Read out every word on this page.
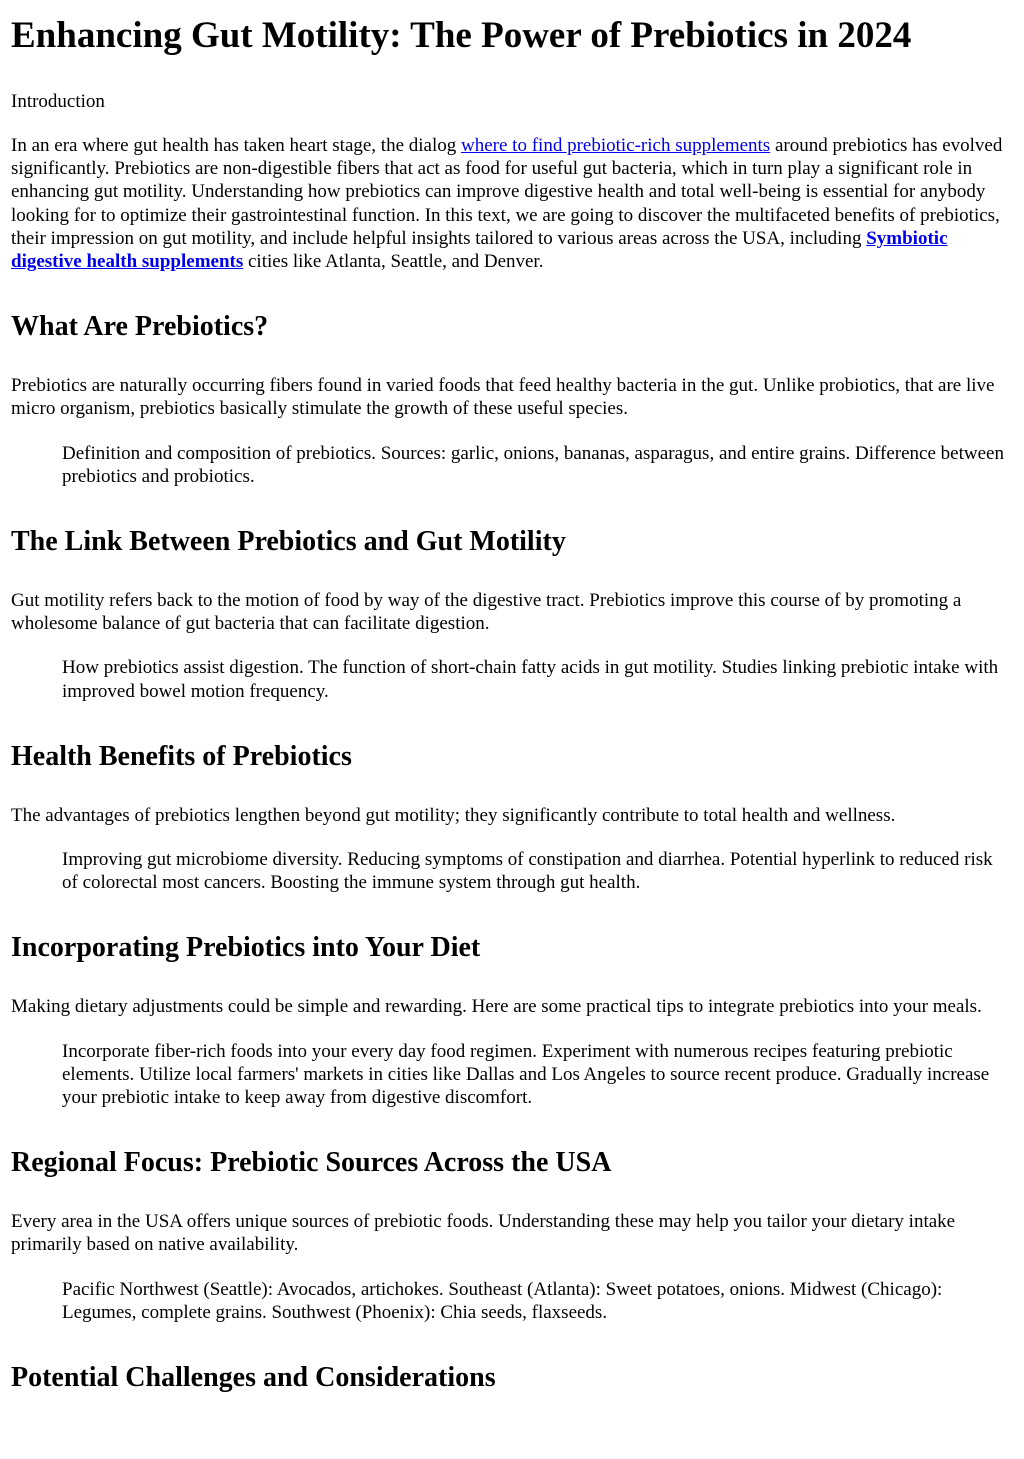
Enhancing Gut Motility: The Power of Prebiotics in 2024
Introduction

In an era where gut health has taken heart stage, the dialog where to find prebiotic-rich supplements around prebiotics has evolved significantly. Prebiotics are non-digestible fibers that act as food for useful gut bacteria, which in turn play a significant role in enhancing gut motility. Understanding how prebiotics can improve digestive health and total well-being is essential for anybody looking for to optimize their gastrointestinal function. In this text, we are going to discover the multifaceted benefits of prebiotics, their impression on gut motility, and include helpful insights tailored to various areas across the USA, including Symbiotic digestive health supplements cities like Atlanta, Seattle, and Denver.

What Are Prebiotics?

Prebiotics are naturally occurring fibers found in varied foods that feed healthy bacteria in the gut. Unlike probiotics, that are live micro organism, prebiotics basically stimulate the growth of these useful species.

Definition and composition of prebiotics. Sources: garlic, onions, bananas, asparagus, and entire grains. Difference between prebiotics and probiotics.
The Link Between Prebiotics and Gut Motility

Gut motility refers back to the motion of food by way of the digestive tract. Prebiotics improve this course of by promoting a wholesome balance of gut bacteria that can facilitate digestion.

How prebiotics assist digestion. The function of short-chain fatty acids in gut motility. Studies linking prebiotic intake with improved bowel motion frequency.
Health Benefits of Prebiotics

The advantages of prebiotics lengthen beyond gut motility; they significantly contribute to total health and wellness.

Improving gut microbiome diversity. Reducing symptoms of constipation and diarrhea. Potential hyperlink to reduced risk of colorectal most cancers. Boosting the immune system through gut health.
Incorporating Prebiotics into Your Diet

Making dietary adjustments could be simple and rewarding. Here are some practical tips to integrate prebiotics into your meals.

Incorporate fiber-rich foods into your every day food regimen. Experiment with numerous recipes featuring prebiotic elements. Utilize local farmers' markets in cities like Dallas and Los Angeles to source recent produce. Gradually increase your prebiotic intake to keep away from digestive discomfort.
Regional Focus: Prebiotic Sources Across the USA

Every area in the USA offers unique sources of prebiotic foods. Understanding these may help you tailor your dietary intake primarily based on native availability.

Pacific Northwest (Seattle): Avocados, artichokes. Southeast (Atlanta): Sweet potatoes, onions. Midwest (Chicago): Legumes, complete grains. Southwest (Phoenix): Chia seeds, flaxseeds.
Potential Challenges and Considerations
